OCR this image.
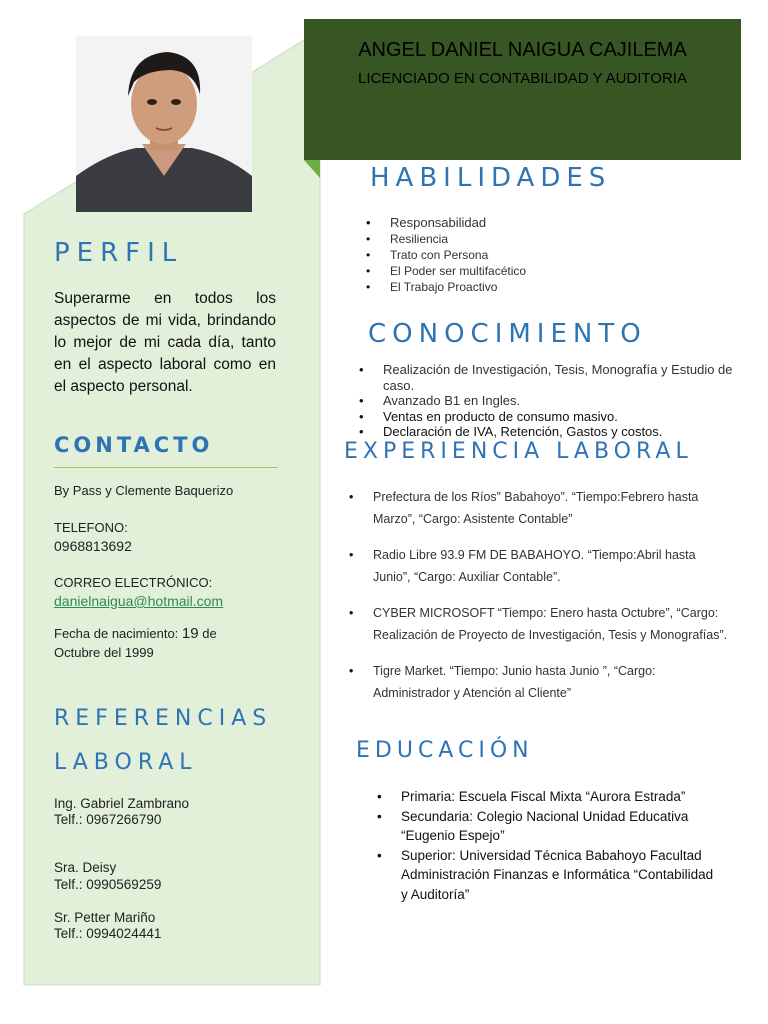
ANGEL DANIEL NAIGUA CAJILEMA
LICENCIADO EN CONTABILIDAD Y AUDITORIA
PERFIL

Superarme en todos los aspectos de mi vida, brindando lo mejor de mi cada día, tanto en el aspecto laboral como en el aspecto personal.

CONTACTO

By Pass y Clemente Baquerizo

TELEFONO:

0968813692

CORREO ELECTRÓNICO:

danielnaigua@hotmail.com

Fecha de nacimiento: 19 de

Octubre del 1999

REFERENCIAS
LABORAL

Ing. Gabriel Zambrano

Telf.: 0967266790

Sra. Deisy

Telf.: 0990569259

Sr. Petter Mariño

Telf.: 0994024441

HABILIDADES
• Responsabilidad
• Resiliencia
• Trato con Persona
• El Poder ser multifacético
• El Trabajo Proactivo
CONOCIMIENTO
• Realización de Investigación, Tesis, Monografía y Estudio de caso.
• Avanzado B1 en Ingles.
• Ventas en producto de consumo masivo.
• Declaración de IVA, Retención, Gastos y costos.
EXPERIENCIA LABORAL
• Prefectura de los Ríos” Babahoyo”. “Tiempo:Febrero hasta Marzo”, “Cargo: Asistente Contable”
• Radio Libre 93.9 FM DE BABAHOYO. “Tiempo:Abril hasta Junio”, “Cargo: Auxiliar Contable”.
• CYBER MICROSOFT “Tiempo: Enero hasta Octubre”, “Cargo: Realización de Proyecto de Investigación, Tesis y Monografías”.
• Tigre Market. “Tiempo: Junio hasta Junio ”, “Cargo: Administrador y Atención al Cliente”
EDUCACIÓN
• Primaria: Escuela Fiscal Mixta “Aurora Estrada”
• Secundaria: Colegio Nacional Unidad Educativa “Eugenio Espejo”
• Superior: Universidad Técnica Babahoyo Facultad Administración Finanzas e Informática “Contabilidad y Auditoría”
